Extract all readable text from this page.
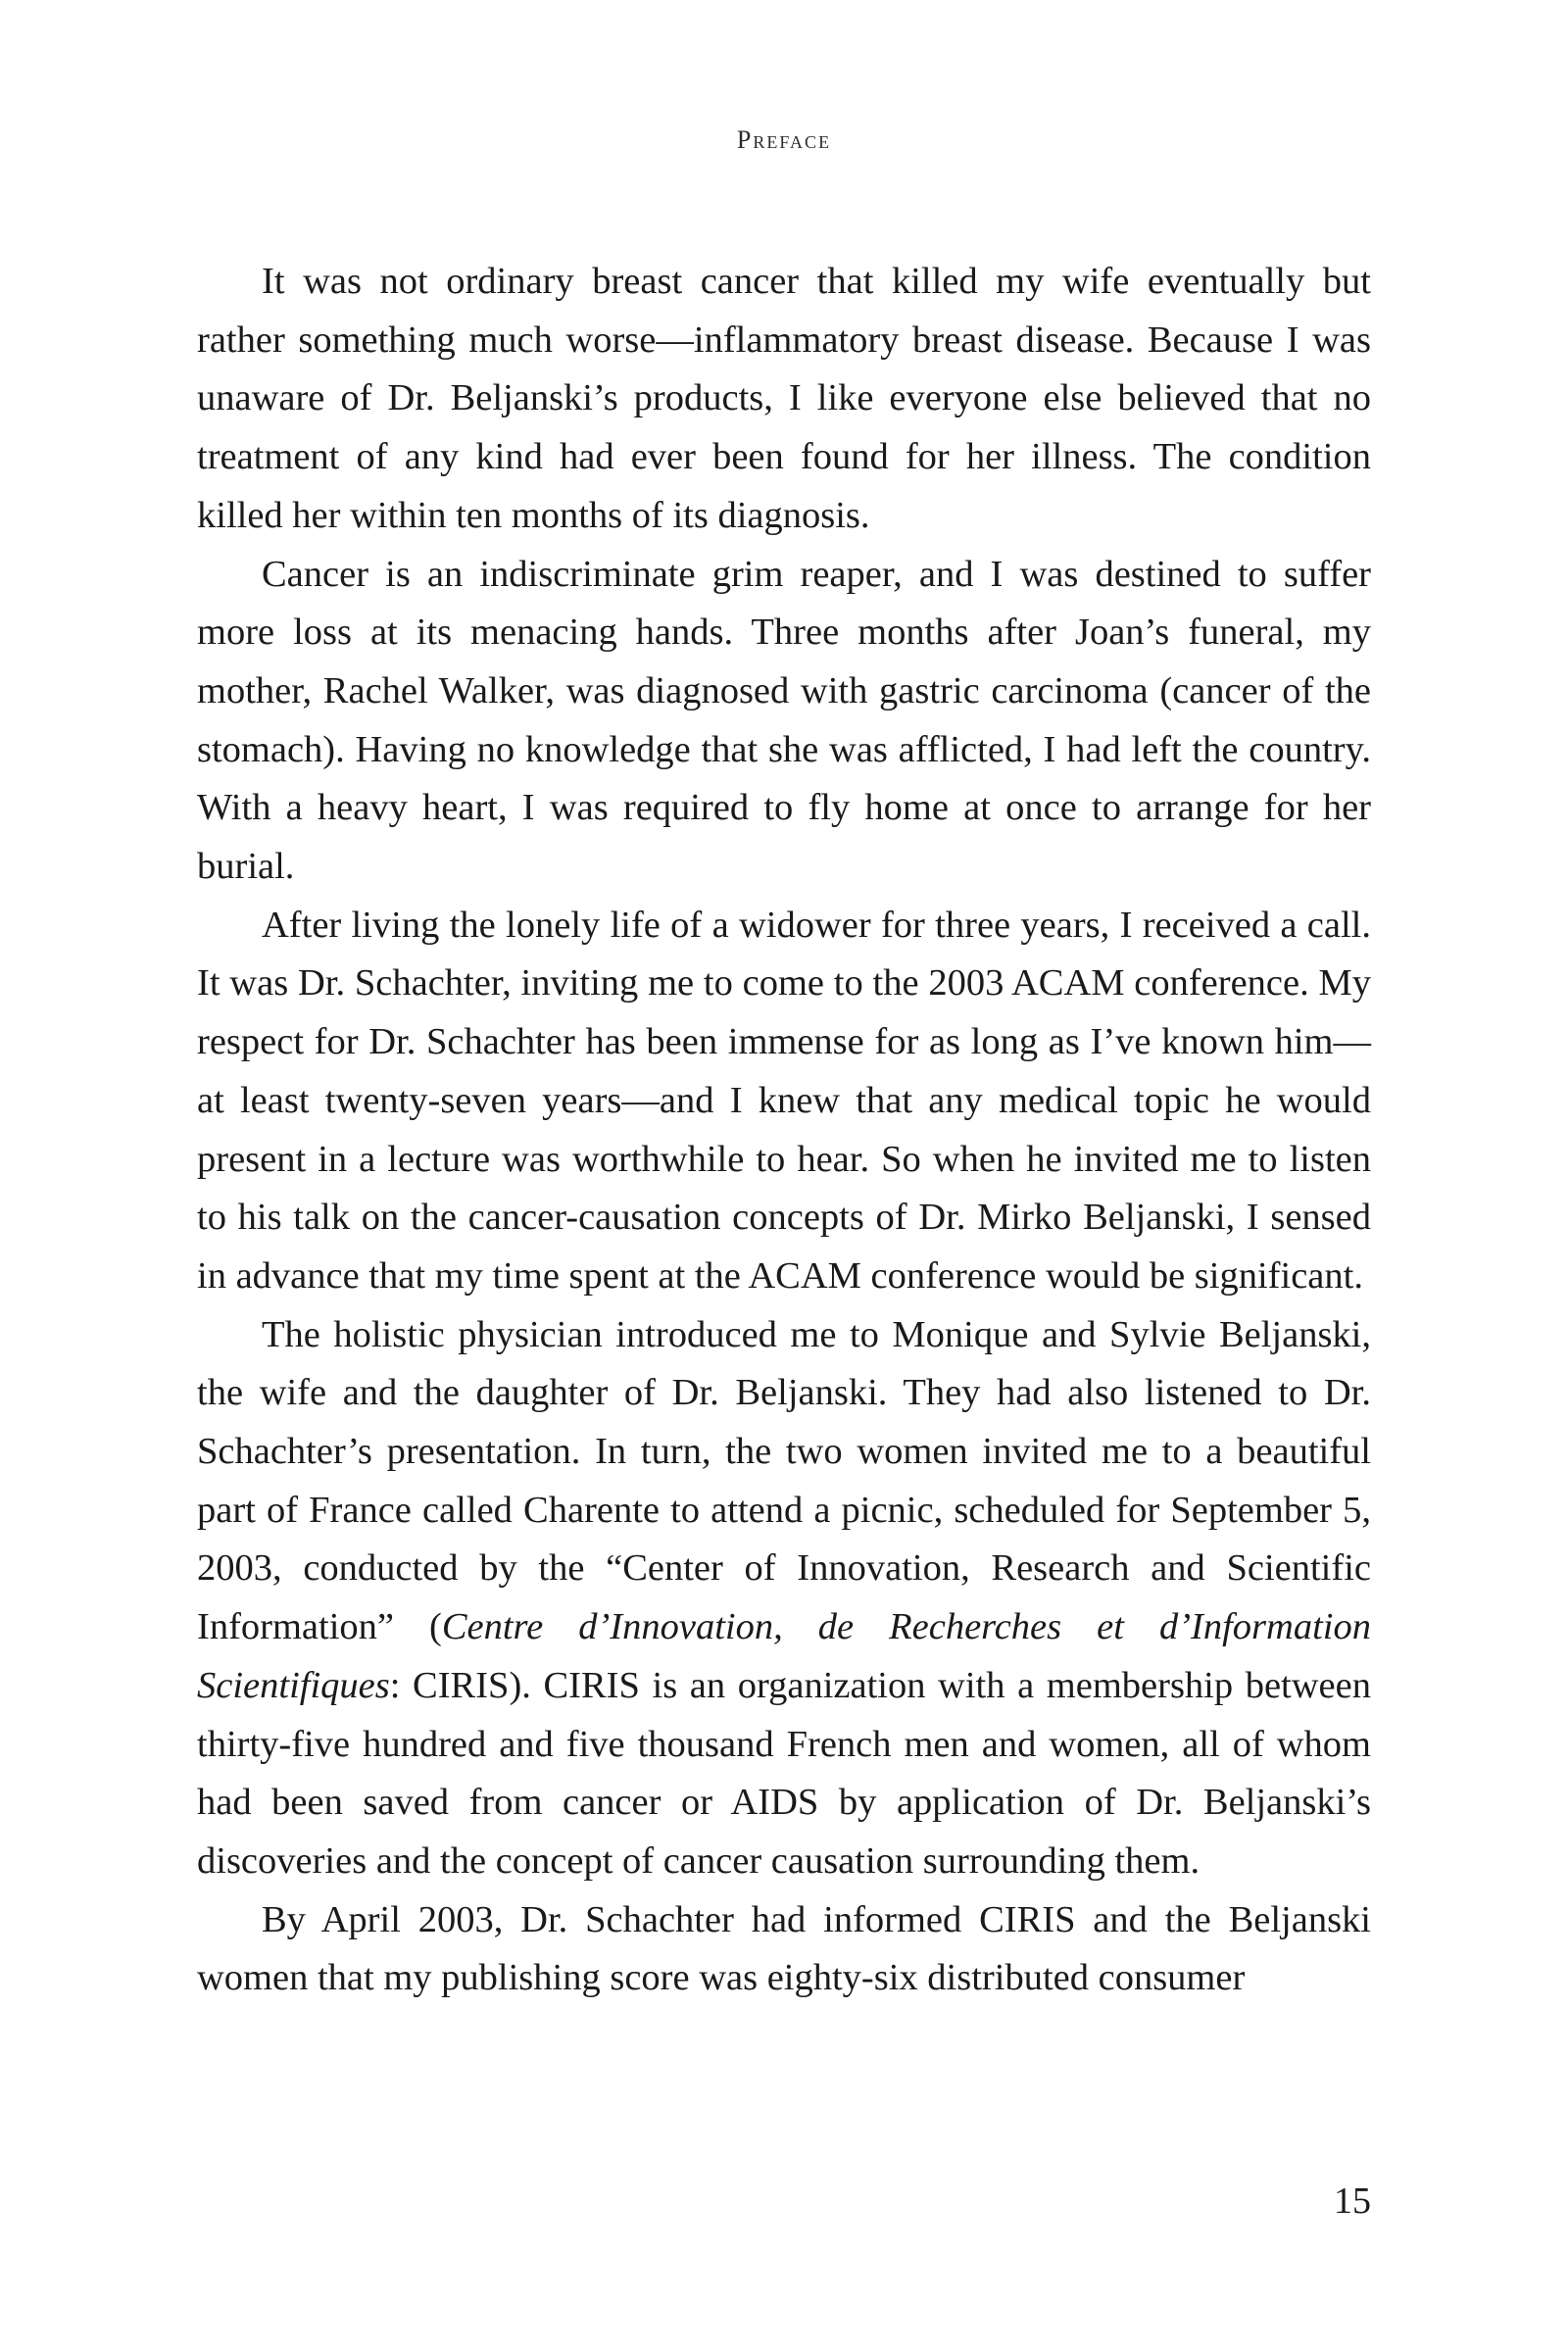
Preface

It was not ordinary breast cancer that killed my wife eventually but rather something much worse—inflammatory breast disease. Because I was unaware of Dr. Beljanski’s products, I like everyone else believed that no treatment of any kind had ever been found for her illness. The condition killed her within ten months of its diagnosis.

Cancer is an indiscriminate grim reaper, and I was destined to suffer more loss at its menacing hands. Three months after Joan’s funeral, my mother, Rachel Walker, was diagnosed with gastric carcinoma (cancer of the stomach). Having no knowledge that she was afflicted, I had left the country. With a heavy heart, I was required to fly home at once to arrange for her burial.

After living the lonely life of a widower for three years, I received a call. It was Dr. Schachter, inviting me to come to the 2003 ACAM conference. My respect for Dr. Schachter has been immense for as long as I’ve known him—at least twenty-seven years—and I knew that any medical topic he would present in a lecture was worthwhile to hear. So when he invited me to listen to his talk on the cancer-causation concepts of Dr. Mirko Beljanski, I sensed in advance that my time spent at the ACAM conference would be significant.

The holistic physician introduced me to Monique and Sylvie Beljanski, the wife and the daughter of Dr. Beljanski. They had also listened to Dr. Schachter’s presentation. In turn, the two women invited me to a beautiful part of France called Charente to attend a picnic, scheduled for September 5, 2003, conducted by the “Center of Innovation, Research and Scientific Information” (Centre d’Innovation, de Recherches et d’Information Scientifiques: CIRIS). CIRIS is an organization with a membership between thirty-five hundred and five thousand French men and women, all of whom had been saved from cancer or AIDS by application of Dr. Beljanski’s discoveries and the concept of cancer causation surrounding them.

By April 2003, Dr. Schachter had informed CIRIS and the Beljanski women that my publishing score was eighty-six distributed consumer

15
